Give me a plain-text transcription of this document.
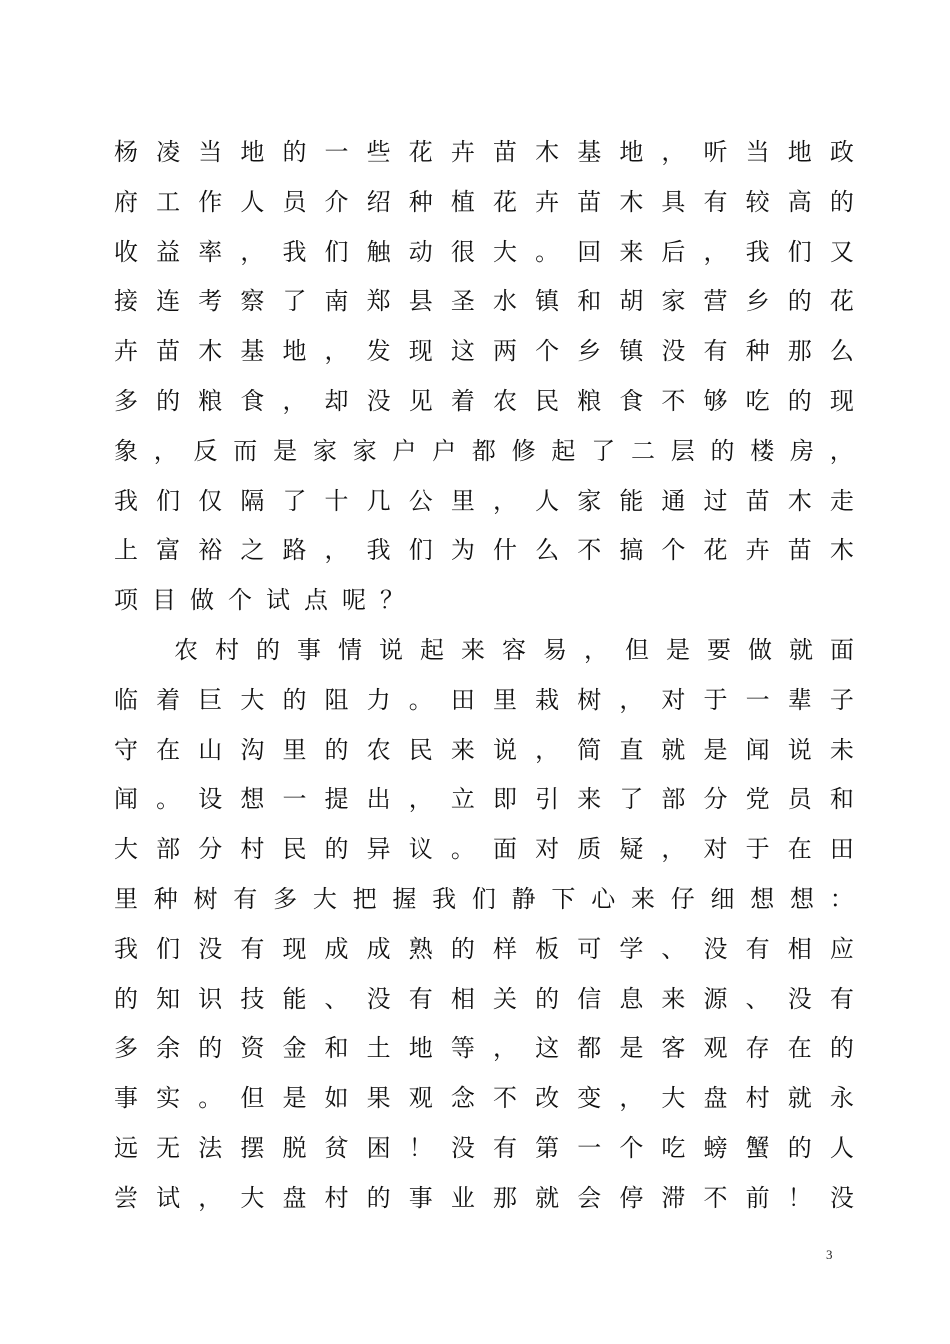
杨 凌 当 地 的 一 些 花 卉 苗 木 基 地 ， 听 当 地 政
府 工 作 人 员 介 绍 种 植 花 卉 苗 木 具 有 较 高 的
收 益 率 ， 我 们 触 动 很 大 。 回 来 后 ， 我 们 又
接 连 考 察 了 南 郑 县 圣 水 镇 和 胡 家 营 乡 的 花
卉 苗 木 基 地 ， 发 现 这 两 个 乡 镇 没 有 种 那 么
多 的 粮 食 ， 却 没 见 着 农 民 粮 食 不 够 吃 的 现
象 ， 反 而 是 家 家 户 户 都 修 起 了 二 层 的 楼 房 ，
我 们 仅 隔 了 十 几 公 里 ， 人 家 能 通 过 苗 木 走
上 富 裕 之 路 ， 我 们 为 什 么 不 搞 个 花 卉 苗 木
项 目 做 个 试 点 呢 ？
农 村 的 事 情 说 起 来 容 易 ， 但 是 要 做 就 面
临 着 巨 大 的 阻 力 。 田 里 栽 树 ， 对 于 一 辈 子
守 在 山 沟 里 的 农 民 来 说 ， 简 直 就 是 闻 说 未
闻 。 设 想 一 提 出 ， 立 即 引 来 了 部 分 党 员 和
大 部 分 村 民 的 异 议 。 面 对 质 疑 ， 对 于 在 田
里 种 树 有 多 大 把 握 我 们 静 下 心 来 仔 细 想 想 ：
我 们 没 有 现 成 成 熟 的 样 板 可 学 、 没 有 相 应
的 知 识 技 能 、 没 有 相 关 的 信 息 来 源 、 没 有
多 余 的 资 金 和 土 地 等 ， 这 都 是 客 观 存 在 的
事 实 。 但 是 如 果 观 念 不 改 变 ， 大 盘 村 就 永
远 无 法 摆 脱 贫 困 ！ 没 有 第 一 个 吃 螃 蟹 的 人
尝 试 ， 大 盘 村 的 事 业 那 就 会 停 滞 不 前 ！ 没
3
